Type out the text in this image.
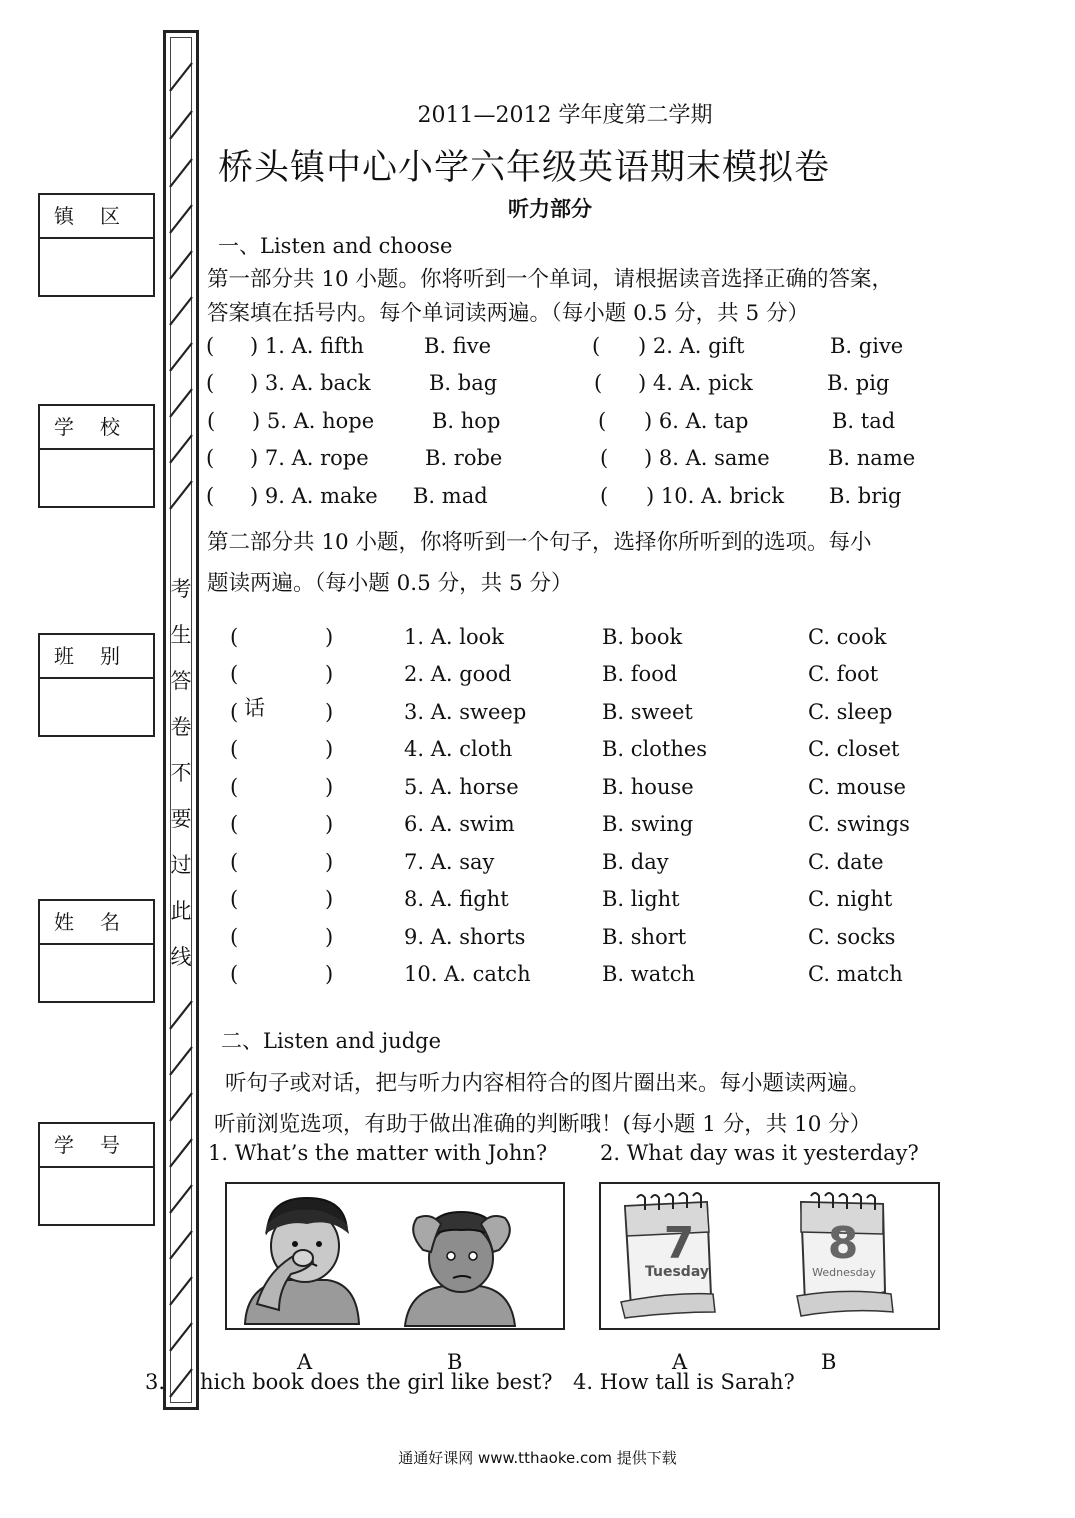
镇区
学校
班别
姓名
学号
考
生
答
卷
不
要
过
此
线
2011—2012 学年度第二学期
桥头镇中心小学六年级英语期末模拟卷
听力部分
一、Listen and choose
第一部分共 10 小题。你将听到一个单词，请根据读音选择正确的答案，
答案填在括号内。每个单词读两遍。（每小题 0.5 分，共 5 分）
( ) 1. A. fifth	B. five	( ) 2. A. gift	B. give
( ) 3. A. back	B. bag	( ) 4. A. pick	B. pig
( ) 5. A. hope	B. hop	( ) 6. A. tap	B. tad
( ) 7. A. rope	B. robe	( ) 8. A. same	B. name
( ) 9. A. make B. mad	( ) 10. A. brick B. brig
第二部分共 10 小题，你将听到一个句子，选择你所听到的选项。每小
题读两遍。（每小题 0.5 分，共 5 分）
话
(	)	1. A. look	B. book	C. cook
(	)	2. A. good	B. food	C. foot
(	)	3. A. sweep	B. sweet	C. sleep
(	)	4. A. cloth	B. clothes	C. closet
(	)	5. A. horse	B. house	C. mouse
(	)	6. A. swim	B. swing	C. swings
(	)	7. A. say	B. day	C. date
(	)	8. A. fight	B. light	C. night
(	)	9. A. shorts	B. short	C. socks
(	)	10. A. catch	B. watch	C. match
二、Listen and judge
听句子或对话，把与听力内容相符合的图片圈出来。每小题读两遍。
听前浏览选项，有助于做出准确的判断哦！(每小题 1 分，共 10 分）
1. What’s the matter with John?	2. What day was it yesterday?
7
Tuesday
8
Wednesday
A	B	A	B
3. hich book does the girl like best? 4. How tall is Sarah?
通通好课网 www.tthaoke.com 提供下载
